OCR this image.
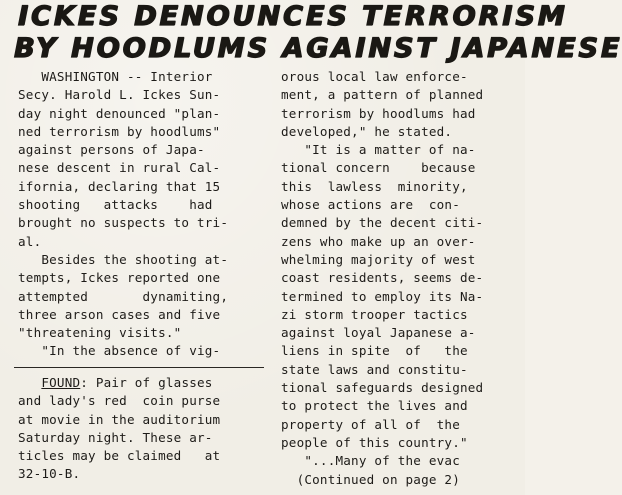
ICKES DENOUNCES TERRORISM
BY HOODLUMS AGAINST JAPANESE
WASHINGTON -- Interior
Secy. Harold L. Ickes Sun-
day night denounced "plan-
ned terrorism by hoodlums"
against persons of Japa-
nese descent in rural Cal-
ifornia, declaring that 15
shooting   attacks    had
brought no suspects to tri-
al.
Besides the shooting at-
tempts, Ickes reported one
attempted       dynamiting,
three arson cases and five
"threatening visits."
"In the absence of vig-
orous local law enforce-
ment, a pattern of planned
terrorism by hoodlums had
developed," he stated.
"It is a matter of na-
tional concern    because
this  lawless  minority,
whose actions are  con-
demned by the decent citi-
zens who make up an over-
whelming majority of west
coast residents, seems de-
termined to employ its Na-
zi storm trooper tactics
against loyal Japanese a-
liens in spite  of   the
state laws and constitu-
tional safeguards designed
to protect the lives and
property of all of  the
people of this country."
"...Many of the evac
(Continued on page 2)
FOUND: Pair of glasses
and lady's red  coin purse
at movie in the auditorium
Saturday night. These ar-
ticles may be claimed   at
32-10-B.
